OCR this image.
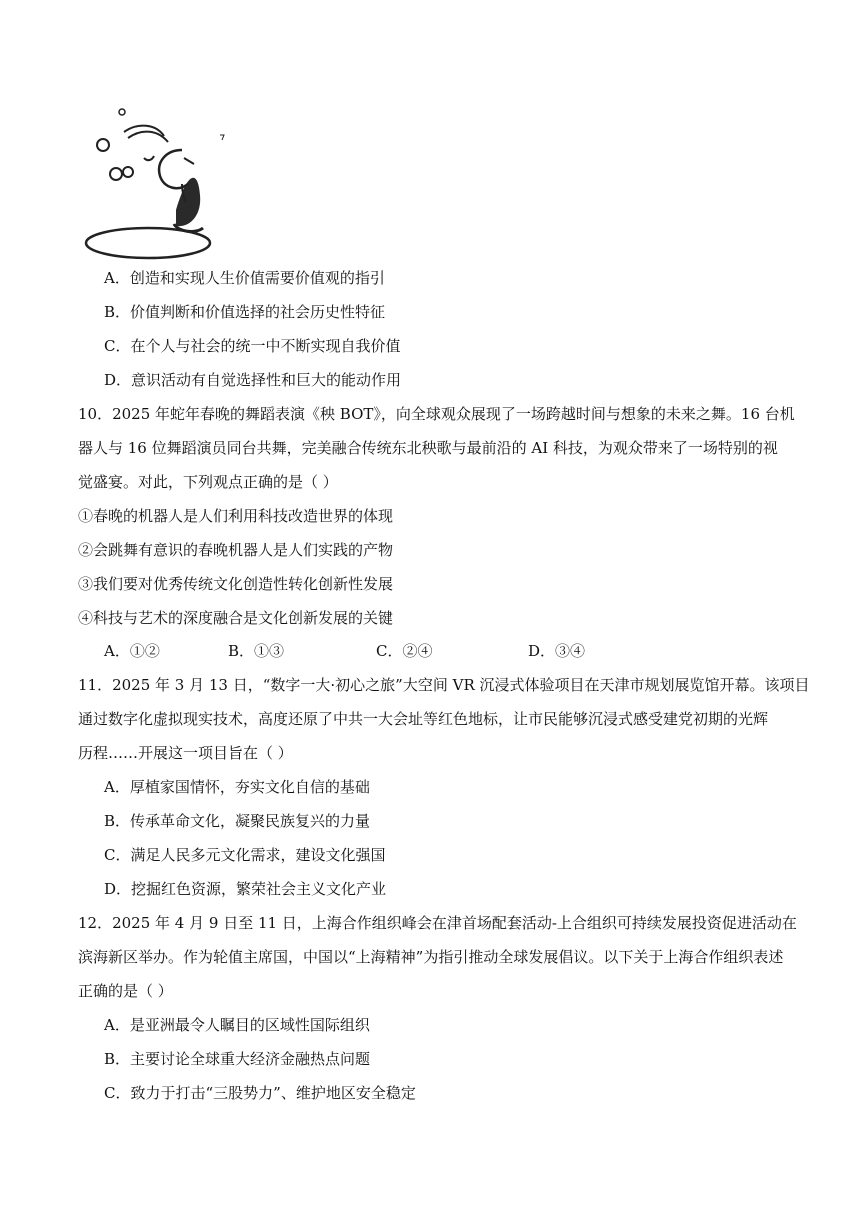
A．创造和实现人生价值需要价值观的指引
B．价值判断和价值选择的社会历史性特征
C．在个人与社会的统一中不断实现自我价值
D．意识活动有自觉选择性和巨大的能动作用
10．2025 年蛇年春晚的舞蹈表演《秧 BOT》，向全球观众展现了一场跨越时间与想象的未来之舞。16 台机
器人与 16 位舞蹈演员同台共舞，完美融合传统东北秧歌与最前沿的 AI 科技，为观众带来了一场特别的视
觉盛宴。对此，下列观点正确的是（ ）
①春晚的机器人是人们利用科技改造世界的体现
②会跳舞有意识的春晚机器人是人们实践的产物
③我们要对优秀传统文化创造性转化创新性发展
④科技与艺术的深度融合是文化创新发展的关键
A．①②	B．①③	C．②④	D．③④
11．2025 年 3 月 13 日，“数字一大·初心之旅”大空间 VR 沉浸式体验项目在天津市规划展览馆开幕。该项目
通过数字化虚拟现实技术，高度还原了中共一大会址等红色地标，让市民能够沉浸式感受建党初期的光辉
历程……开展这一项目旨在（ ）
A．厚植家国情怀，夯实文化自信的基础
B．传承革命文化，凝聚民族复兴的力量
C．满足人民多元文化需求，建设文化强国
D．挖掘红色资源，繁荣社会主义文化产业
12．2025 年 4 月 9 日至 11 日，上海合作组织峰会在津首场配套活动-上合组织可持续发展投资促进活动在
滨海新区举办。作为轮值主席国，中国以“上海精神”为指引推动全球发展倡议。以下关于上海合作组织表述
正确的是（ ）
A．是亚洲最令人瞩目的区域性国际组织
B．主要讨论全球重大经济金融热点问题
C．致力于打击“三股势力”、维护地区安全稳定
